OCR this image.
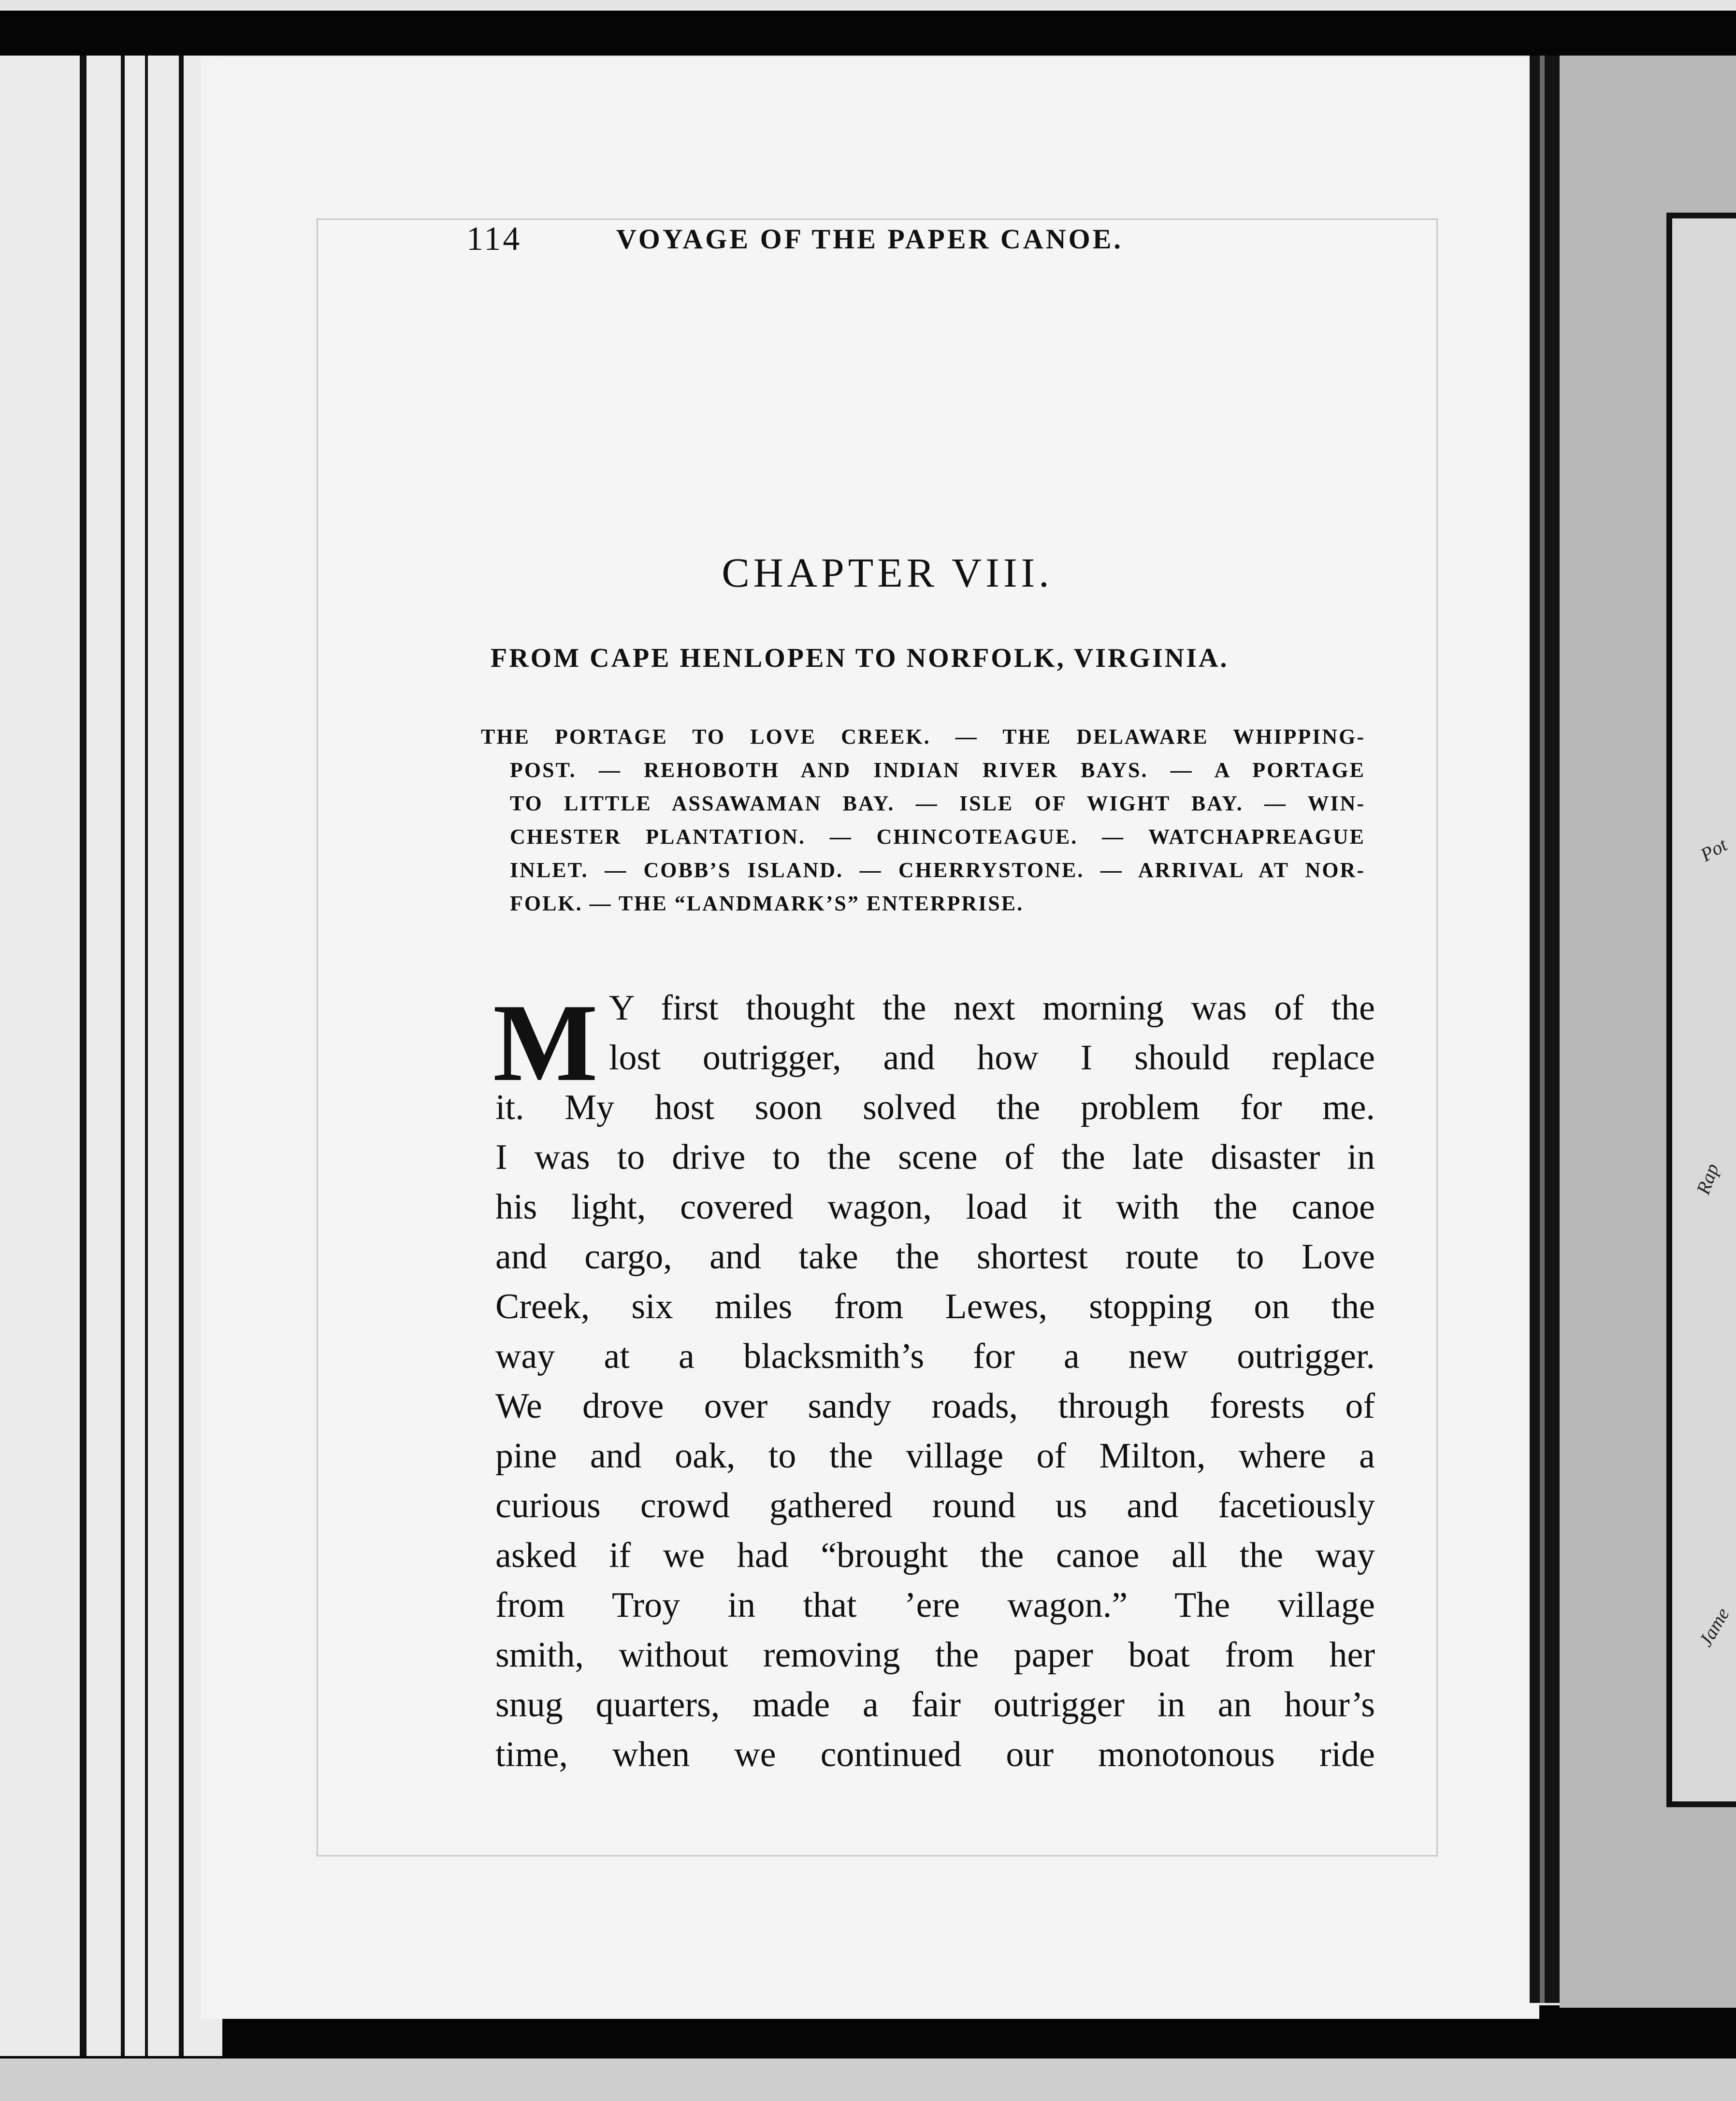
Pot
Rap
Jame
114	VOYAGE OF THE PAPER CANOE.
CHAPTER VIII.
FROM CAPE HENLOPEN TO NORFOLK, VIRGINIA.
THE PORTAGE TO LOVE CREEK. — THE DELAWARE WHIPPING-
POST. — REHOBOTH AND INDIAN RIVER BAYS. — A PORTAGE
TO LITTLE ASSAWAMAN BAY. — ISLE OF WIGHT BAY. — WIN-
CHESTER PLANTATION. — CHINCOTEAGUE. — WATCHAPREAGUE
INLET. — COBB’S ISLAND. — CHERRYSTONE. — ARRIVAL AT NOR-
FOLK. — THE “LANDMARK’S” ENTERPRISE.
M Y first thought the next morning was of the
lost outrigger, and how I should replace
it. My host soon solved the problem for me.
I was to drive to the scene of the late disaster in
his light, covered wagon, load it with the canoe
and cargo, and take the shortest route to Love
Creek, six miles from Lewes, stopping on the
way at a blacksmith’s for a new outrigger.
We drove over sandy roads, through forests of
pine and oak, to the village of Milton, where a
curious crowd gathered round us and facetiously
asked if we had “brought the canoe all the way
from Troy in that ’ere wagon.” The village
smith, without removing the paper boat from her
snug quarters, made a fair outrigger in an hour’s
time, when we continued our monotonous ride
